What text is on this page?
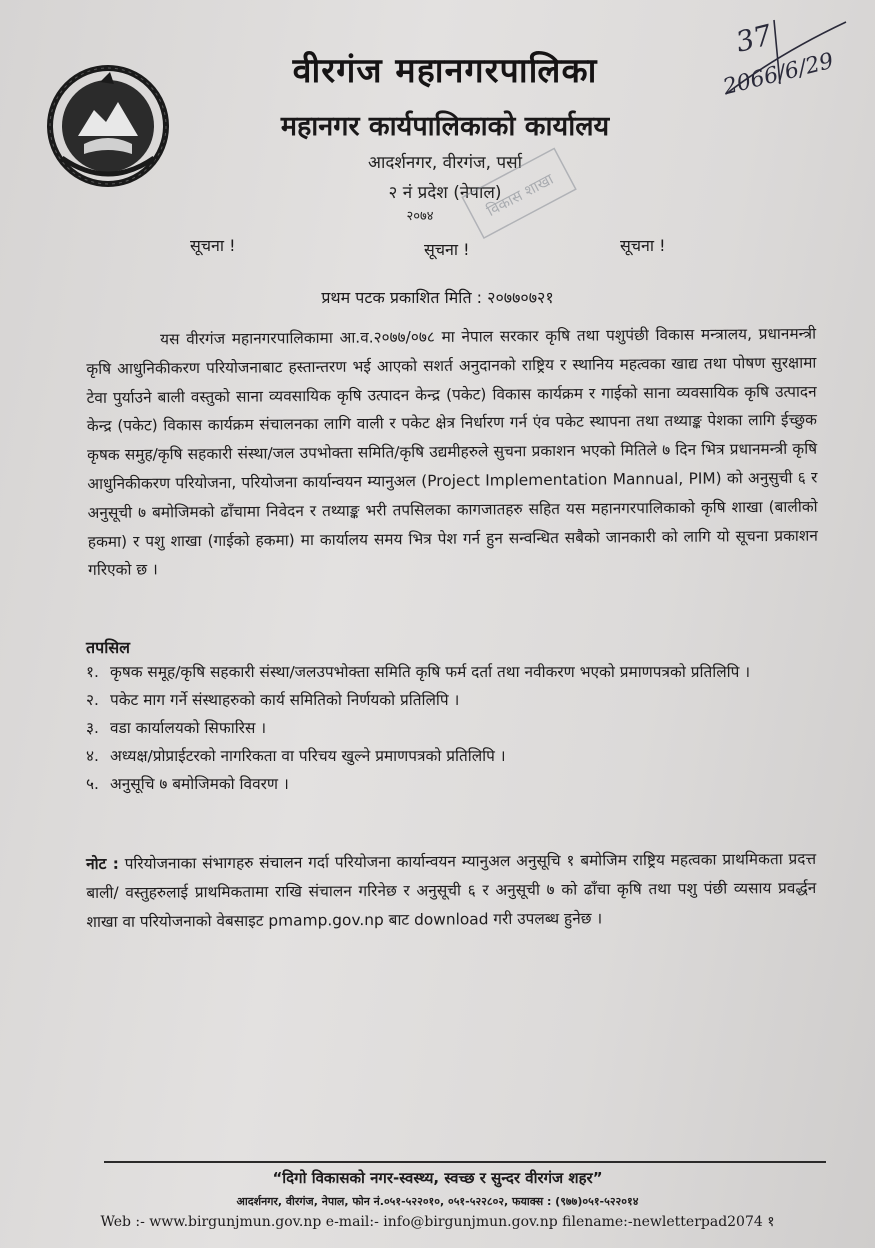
37
2066/6/29
वीरगंज महानगरपालिका
महानगर कार्यपालिकाको कार्यालय
आदर्शनगर, वीरगंज, पर्सा
२ नं प्रदेश (नेपाल)
२०७४	विकास शाखा
सूचना !	सूचना !	सूचना !
प्रथम पटक प्रकाशित मिति : २०७७०७२१
यस वीरगंज महानगरपालिकामा आ.व.२०७७/०७८ मा नेपाल सरकार कृषि तथा पशुपंछी विकास मन्त्रालय, प्रधानमन्त्री कृषि आधुनिकीकरण परियोजनाबाट हस्तान्तरण भई आएको सशर्त अनुदानको राष्ट्रिय र स्थानिय महत्वका खाद्य तथा पोषण सुरक्षामा टेवा पुर्याउने बाली वस्तुको साना व्यवसायिक कृषि उत्पादन केन्द्र (पकेट) विकास कार्यक्रम र गाईको साना व्यवसायिक कृषि उत्पादन केन्द्र (पकेट) विकास कार्यक्रम संचालनका लागि वाली र पकेट क्षेत्र निर्धारण गर्न एंव पकेट स्थापना तथा तथ्याङ्क पेशका लागि ईच्छुक कृषक समुह/कृषि सहकारी संस्था/जल उपभोक्ता समिति/कृषि उद्यमीहरुले सुचना प्रकाशन भएको मितिले ७ दिन भित्र प्रधानमन्त्री कृषि आधुनिकीकरण परियोजना, परियोजना कार्यान्वयन म्यानुअल (Project Implementation Mannual, PIM) को अनुसुची ६ र अनुसूची ७ बमोजिमको ढाँचामा निवेदन र तथ्याङ्क भरी तपसिलका कागजातहरु सहित यस महानगरपालिकाको कृषि शाखा (बालीको हकमा) र पशु शाखा (गाईको हकमा) मा कार्यालय समय भित्र पेश गर्न हुन सन्वन्धित सबैको जानकारी को लागि यो सूचना प्रकाशन गरिएको छ ।
तपसिल
१. कृषक समूह/कृषि सहकारी संस्था/जलउपभोक्ता समिति कृषि फर्म दर्ता तथा नवीकरण भएको प्रमाणपत्रको प्रतिलिपि ।
२. पकेट माग गर्ने संस्थाहरुको कार्य समितिको निर्णयको प्रतिलिपि ।
३. वडा कार्यालयको सिफारिस ।
४. अध्यक्ष/प्रोप्राईटरको नागरिकता वा परिचय खुल्ने प्रमाणपत्रको प्रतिलिपि ।
५. अनुसूचि ७ बमोजिमको विवरण ।
नोट : परियोजनाका संभागहरु संचालन गर्दा परियोजना कार्यान्वयन म्यानुअल अनुसूचि १ बमोजिम राष्ट्रिय महत्वका प्राथमिकता प्रदत्त बाली/ वस्तुहरुलाई प्राथमिकतामा राखि संचालन गरिनेछ र अनुसूची ६ र अनुसूची ७ को ढाँचा कृषि तथा पशु पंछी व्यसाय प्रवर्द्धन शाखा वा परियोजनाको वेबसाइट pmamp.gov.np बाट download गरी उपलब्ध हुनेछ ।
“दिगो विकासको नगर-स्वस्थ्य, स्वच्छ र सुन्दर वीरगंज शहर”
आदर्शनगर, वीरगंज, नेपाल, फोन नं.०५१-५२२०१०, ०५१-५२२८०२, फयाक्स : (९७७)०५१-५२२०१४
Web :- www.birgunjmun.gov.np e-mail:- info@birgunjmun.gov.np filename:-newletterpad2074 १
